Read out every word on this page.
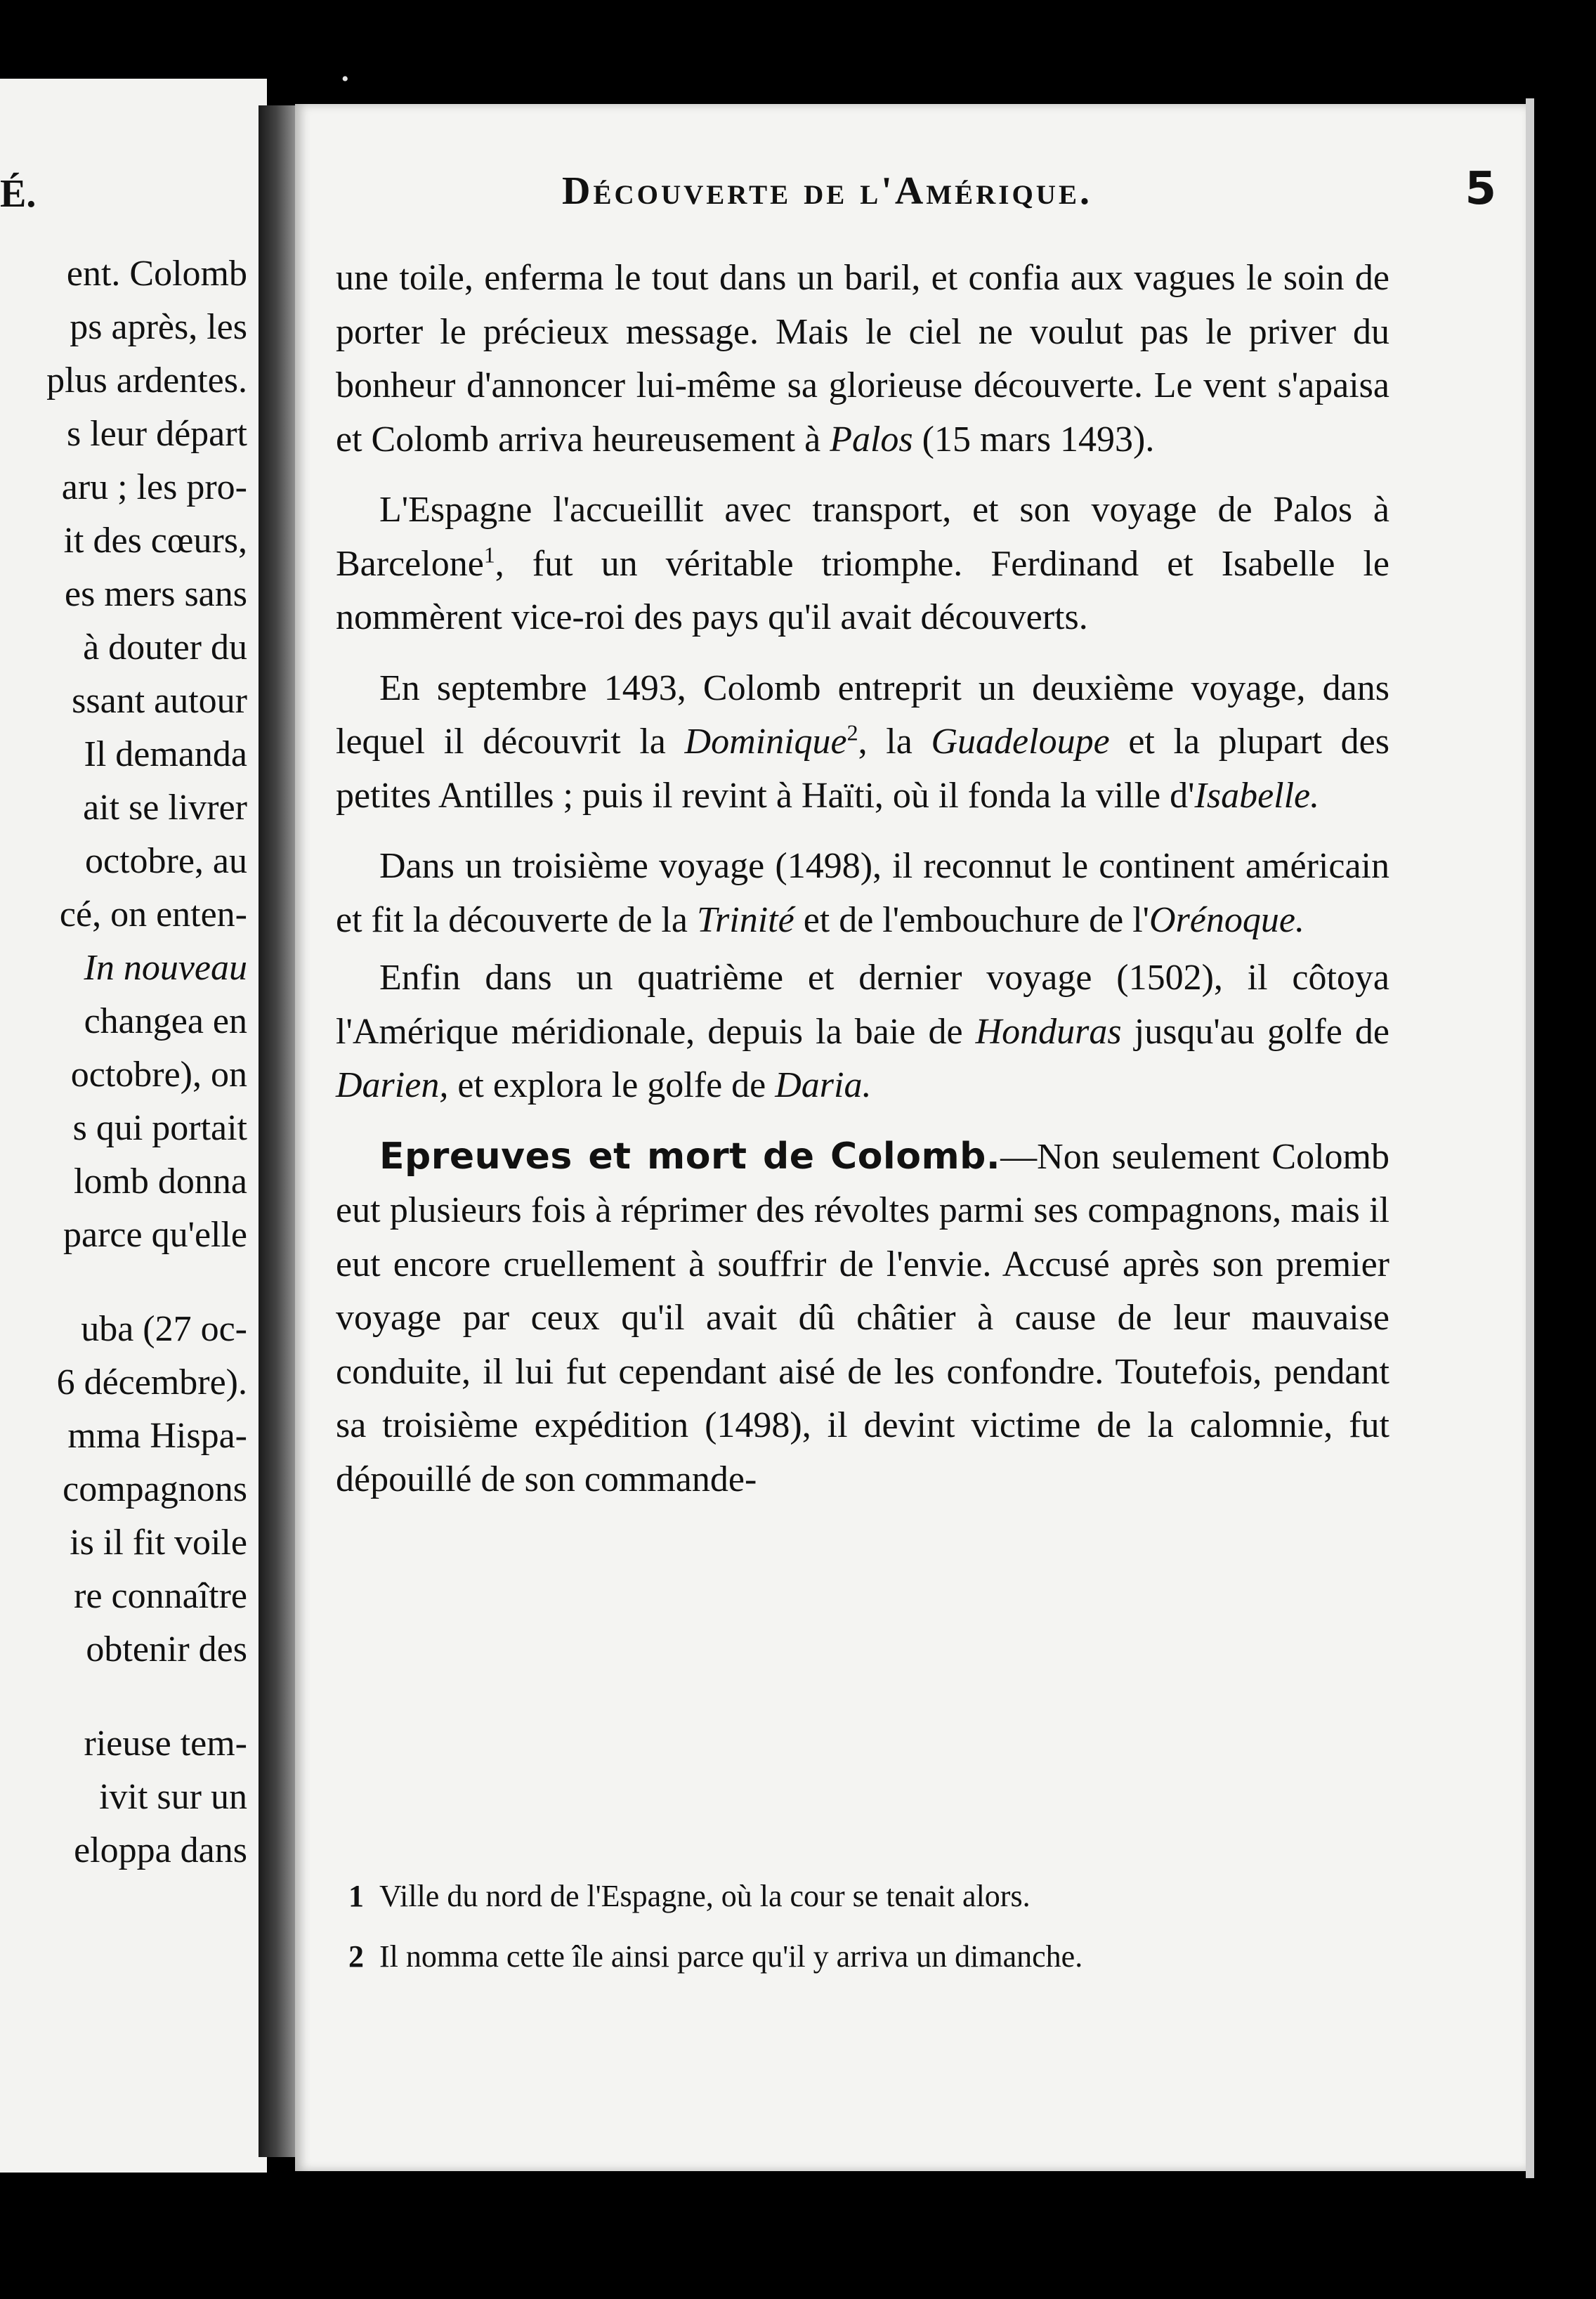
É.
ent. Colomb
ps après, les
plus ardentes.
s leur départ
aru ; les pro-
it des cœurs,
es mers sans
à douter du
ssant autour
Il demanda
ait se livrer
octobre, au
cé, on enten-
In nouveau
changea en
octobre), on
s qui portait
lomb donna
parce qu'elle
uba (27 oc-
6 décembre).
mma Hispa-
compagnons
is il fit voile
re connaître
obtenir des
rieuse tem-
ivit sur un
eloppa dans
•
Découverte de l'Amérique.	5

une toile, enferma le tout dans un baril, et confia aux vagues le soin de porter le précieux message. Mais le ciel ne voulut pas le priver du bonheur d'annoncer lui-même sa glorieuse découverte. Le vent s'apaisa et Colomb arriva heureusement à Palos (15 mars 1493).

L'Espagne l'accueillit avec transport, et son voyage de Palos à Barcelone$^1$, fut un véritable triomphe. Ferdinand et Isabelle le nommèrent vice-roi des pays qu'il avait découverts.

En septembre 1493, Colomb entreprit un deuxième voyage, dans lequel il découvrit la Dominique$^2$, la Guadeloupe et la plupart des petites Antilles ; puis il revint à Haïti, où il fonda la ville d'Isabelle.

Dans un troisième voyage (1498), il reconnut le continent américain et fit la découverte de la Trinité et de l'embouchure de l'Orénoque.

Enfin dans un quatrième et dernier voyage (1502), il côtoya l'Amérique méridionale, depuis la baie de Honduras jusqu'au golfe de Darien, et explora le golfe de Daria.

Epreuves et mort de Colomb.—Non seulement Colomb eut plusieurs fois à réprimer des révoltes parmi ses compagnons, mais il eut encore cruellement à souffrir de l'envie. Accusé après son premier voyage par ceux qu'il avait dû châtier à cause de leur mauvaise conduite, il lui fut cependant aisé de les confondre. Toutefois, pendant sa troisième expédition (1498), il devint victime de la calomnie, fut dépouillé de son commande-

1 Ville du nord de l'Espagne, où la cour se tenait alors.
2 Il nomma cette île ainsi parce qu'il y arriva un dimanche.
